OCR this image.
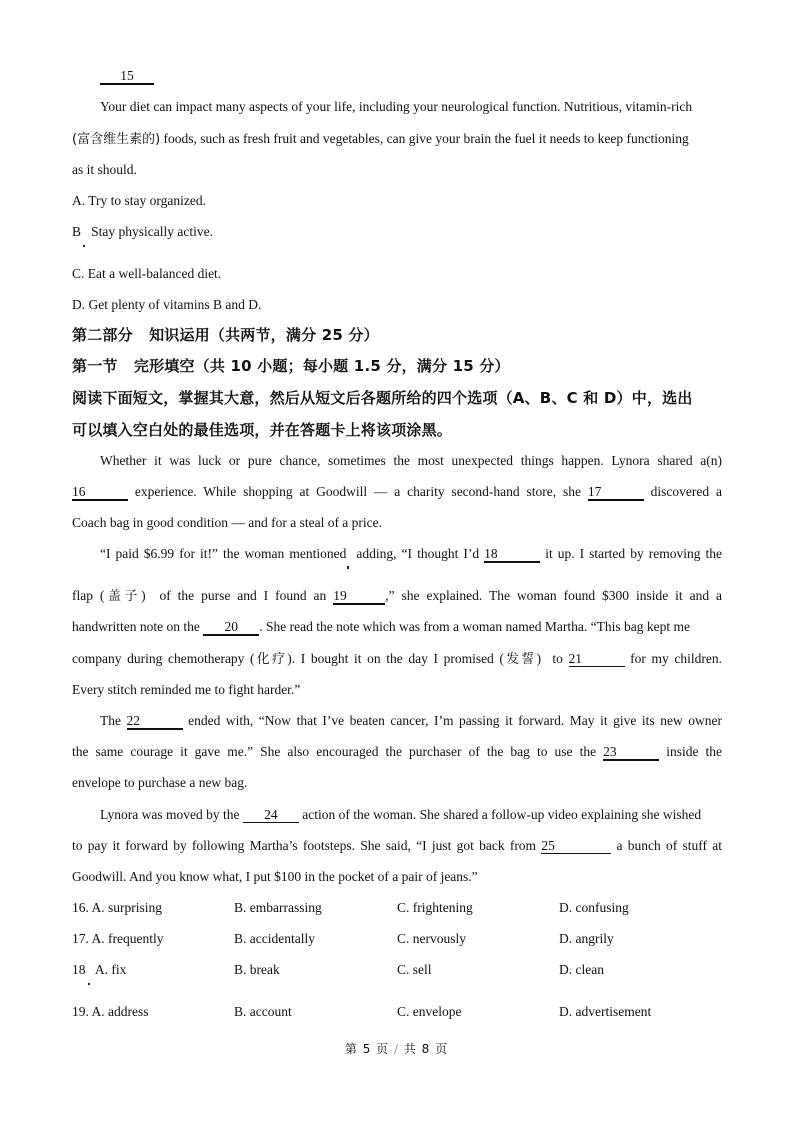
15
Your diet can impact many aspects of your life, including your neurological function. Nutritious, vitamin-rich
(富含维生素的) foods, such as fresh fruit and vegetables, can give your brain the fuel it needs to keep functioning
as it should.
A. Try to stay organized.
B   Stay physically active.
C. Eat a well-balanced diet.
D. Get plenty of vitamins B and D.
第二部分   知识运用（共两节，满分 25 分）
第一节   完形填空（共 10 小题；每小题 1.5 分，满分 15 分）
阅读下面短文，掌握其大意，然后从短文后各题所给的四个选项（A、B、C 和 D）中，选出
可以填入空白处的最佳选项，并在答题卡上将该项涂黑。
Whether it was luck or pure chance, sometimes the most unexpected things happen. Lynora shared a(n)
16	experience. While shopping at Goodwill — a charity second-hand store, she 17	discovered a
Coach bag in good condition — and for a steal of a price.
“I paid $6.99 for it!” the woman mentioned  adding, “I thought I’d 18	it up. I started by removing the
flap (盖子)  of the purse and I found an 19	,” she explained. The woman found $300 inside it and a
handwritten note on the 20 . She read the note which was from a woman named Martha. “This bag kept me
company during chemotherapy (化疗). I bought it on the day I promised (发誓)  to 21	for my children.
Every stitch reminded me to fight harder.”
The 22	ended with, “Now that I’ve beaten cancer, I’m passing it forward. May it give its new owner
the same courage it gave me.” She also encouraged the purchaser of the bag to use the 23	inside the
envelope to purchase a new bag.
Lynora was moved by the 24 action of the woman. She shared a follow-up video explaining she wished
to pay it forward by following Martha’s footsteps. She said, “I just got back from 25	a bunch of stuff at
Goodwill. And you know what, I put $100 in the pocket of a pair of jeans.”
16. A. surprising	B. embarrassing	C. frightening	D. confusing
17. A. frequently	B. accidentally	C. nervously	D. angrily
18 A. fix	B. break	C. sell	D. clean
19. A. address	B. account	C. envelope	D. advertisement
第 5 页 / 共 8 页
